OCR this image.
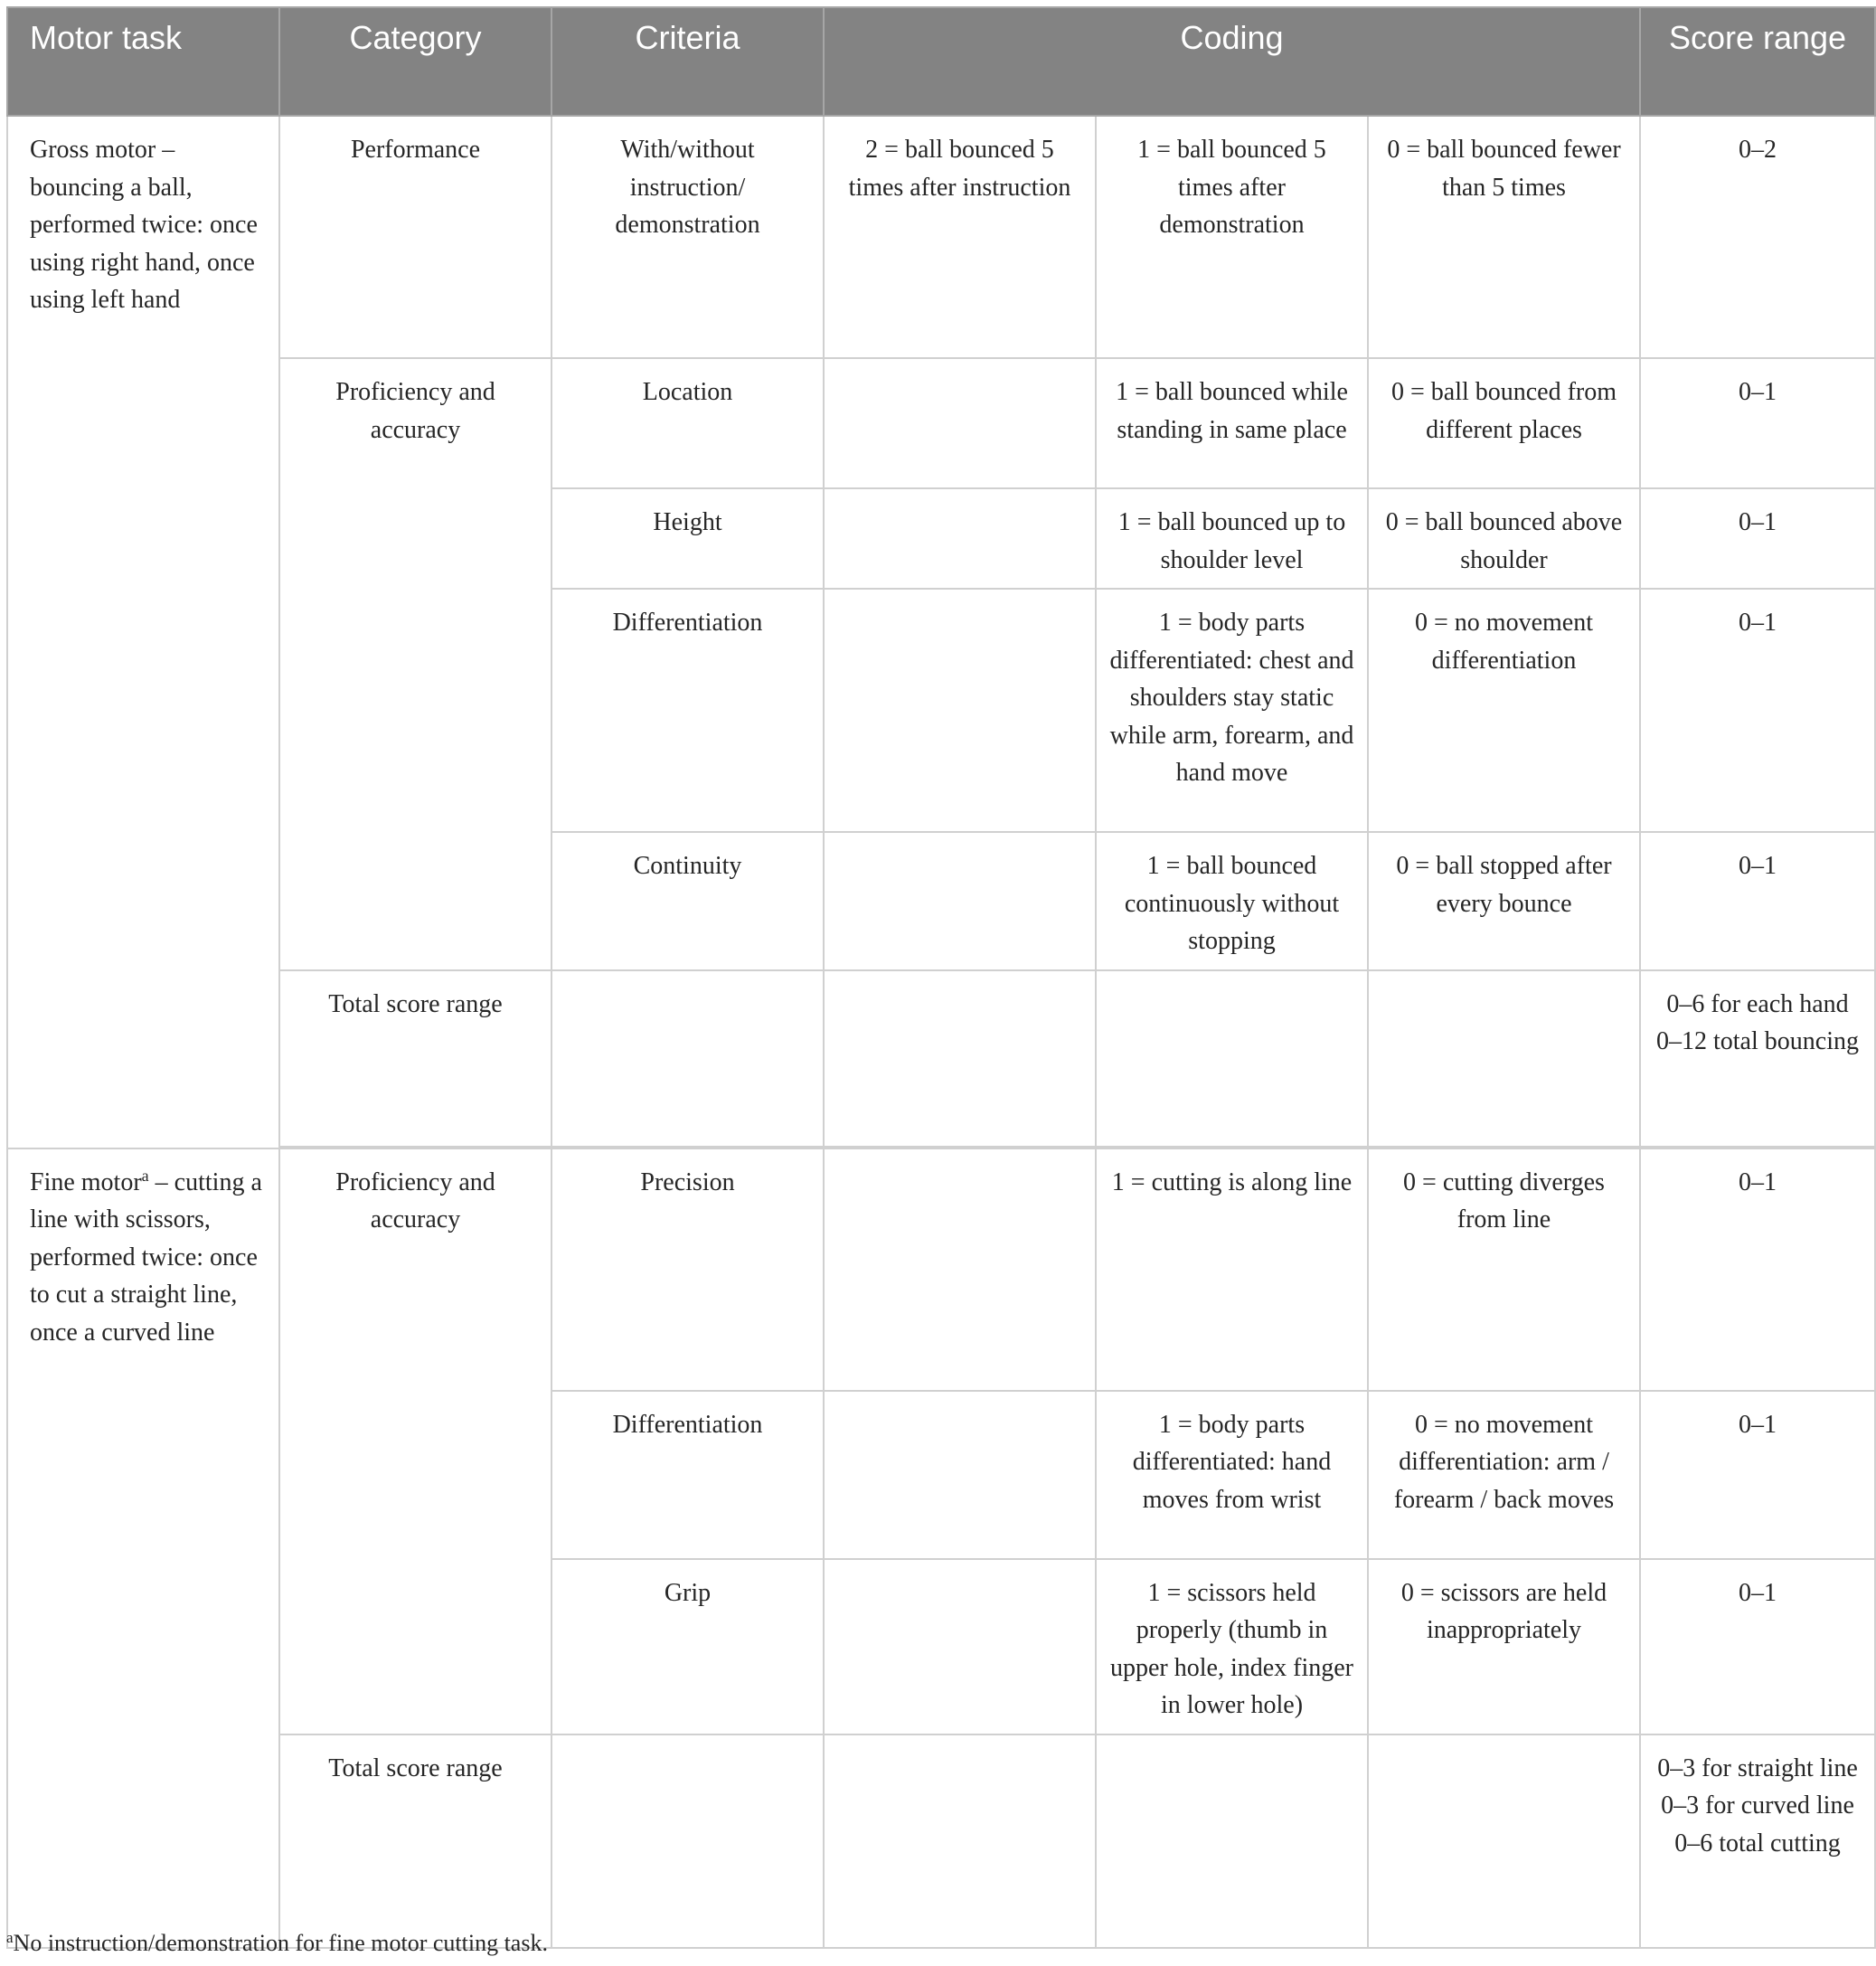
Motor task	Category	Criteria	Coding			Score range
Gross motor – bouncing a ball, performed twice: once using right hand, once using left hand	Performance	With/without instruction/ demonstration	2 = ball bounced 5 times after instruction	1 = ball bounced 5 times after demonstration	0 = ball bounced fewer than 5 times	0–2
	Proficiency and accuracy	Location		1 = ball bounced while standing in same place	0 = ball bounced from different places	0–1
		Height		1 = ball bounced up to shoulder level	0 = ball bounced above shoulder	0–1
		Differentiation		1 = body parts differentiated: chest and shoulders stay static while arm, forearm, and hand move	0 = no movement differentiation	0–1
		Continuity		1 = ball bounced continuously without stopping	0 = ball stopped after every bounce	0–1
	Total score range					0–6 for each hand
0–12 total bouncing

Fine motor$^a$ – cutting a line with scissors, performed twice: once to cut a straight line, once a curved line	Proficiency and accuracy	Precision		1 = cutting is along line	0 = cutting diverges from line	0–1
		Differentiation		1 = body parts differentiated: hand moves from wrist	0 = no movement differentiation: arm / forearm / back moves	0–1
		Grip		1 = scissors held properly (thumb in upper hole, index finger in lower hole)	0 = scissors are held inappropriately	0–1
	Total score range					0–3 for straight line
0–3 for curved line
0–6 total cutting
$^a$No instruction/demonstration for fine motor cutting task.
